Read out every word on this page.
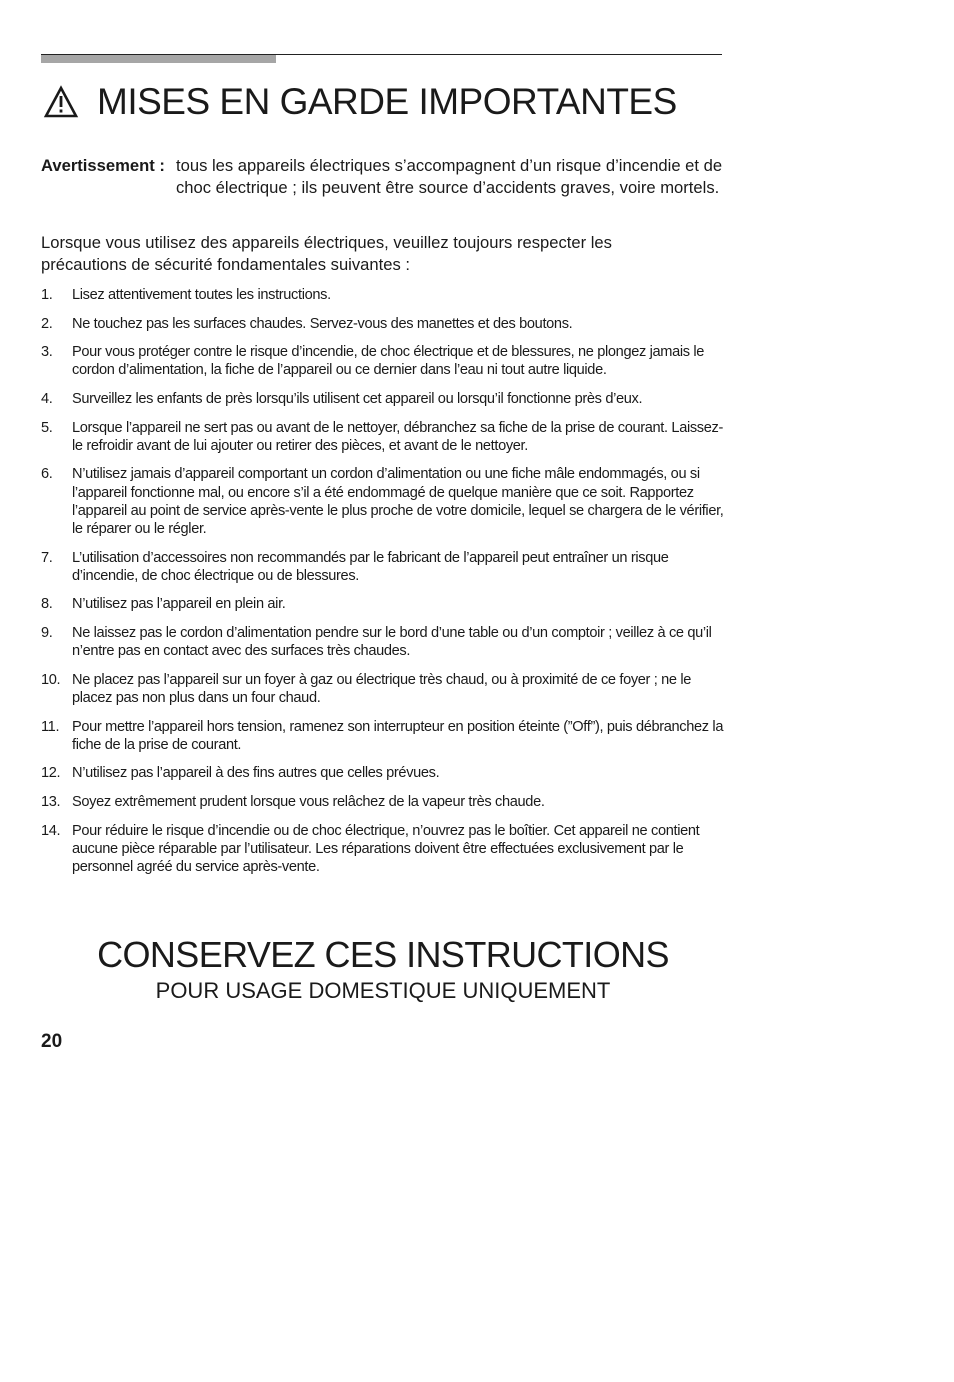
MISES EN GARDE IMPORTANTES
Avertissement : tous les appareils électriques s’accompagnent d’un risque d’incendie et de choc électrique ; ils peuvent être source d’accidents graves, voire mortels.

Lorsque vous utilisez des appareils électriques, veuillez toujours respecter les précautions de sécurité fondamentales suivantes :

1.	Lisez attentivement toutes les instructions.
2.	Ne touchez pas les surfaces chaudes. Servez-vous des manettes et des boutons.
3.	Pour vous protéger contre le risque d’incendie, de choc électrique et de blessures, ne plongez jamais le cordon d’alimentation, la fiche de l’appareil ou ce dernier dans l’eau ni tout autre liquide.
4.	Surveillez les enfants de près lorsqu’ils utilisent cet appareil ou lorsqu’il fonctionne près d’eux.
5.	Lorsque l’appareil ne sert pas ou avant de le nettoyer, débranchez sa fiche de la prise de courant. Laissez-le refroidir avant de lui ajouter ou retirer des pièces, et avant de le nettoyer.
6.	N’utilisez jamais d’appareil comportant un cordon d’alimentation ou une fiche mâle endommagés, ou si l’appareil fonctionne mal, ou encore s’il a été endommagé de quelque manière que ce soit. Rapportez l’appareil au point de service après-vente le plus proche de votre domicile, lequel se chargera de le vérifier, le réparer ou le régler.
7.	L’utilisation d’accessoires non recommandés par le fabricant de l’appareil peut entraîner un risque d’incendie, de choc électrique ou de blessures.
8.	N’utilisez pas l’appareil en plein air.
9.	Ne laissez pas le cordon d’alimentation pendre sur le bord d’une table ou d’un comptoir ; veillez à ce qu’il n’entre pas en contact avec des surfaces très chaudes.
10. Ne placez pas l’appareil sur un foyer à gaz ou électrique très chaud, ou à proximité de ce foyer ; ne le placez pas non plus dans un four chaud.
11. Pour mettre l’appareil hors tension, ramenez son interrupteur en position éteinte (”Off”), puis débranchez la fiche de la prise de courant.
12. N’utilisez pas l’appareil à des fins autres que celles prévues.
13. Soyez extrêmement prudent lorsque vous relâchez de la vapeur très chaude.
14. Pour réduire le risque d’incendie ou de choc électrique, n’ouvrez pas le boîtier. Cet appareil ne contient aucune pièce réparable par l’utilisateur. Les réparations doivent être effectuées exclusivement par le personnel agréé du service après-vente.
CONSERVEZ CES INSTRUCTIONS

POUR USAGE DOMESTIQUE UNIQUEMENT

20
